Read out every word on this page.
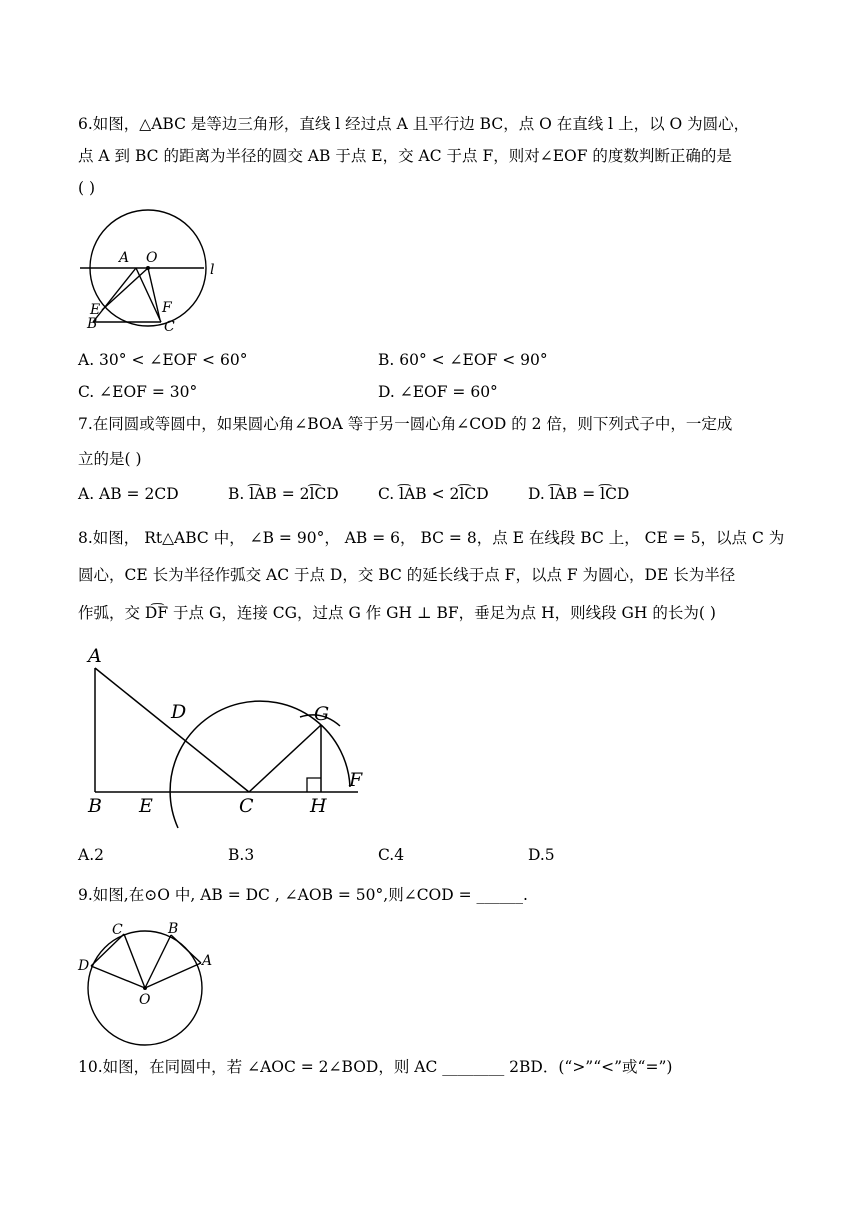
6.如图，△ABC 是等边三角形，直线 l 经过点 A 且平行边 BC，点 O 在直线 l 上，以 O 为圆心，
点 A 到 BC 的距离为半径的圆交 AB 于点 E，交 AC 于点 F，则对∠EOF 的度数判断正确的是
( )
A O
l
E	F
B	C
A. 30° < ∠EOF < 60°	B. 60° < ∠EOF < 90°
C. ∠EOF = 30°	D. ∠EOF = 60°
7.在同圆或等圆中，如果圆心角∠BOA 等于另一圆心角∠COD 的 2 倍，则下列式子中，一定成
立的是( )
A. AB = 2CD	B. l͡AB = 2l͡CD	C. l͡AB < 2l͡CD	D. l͡AB = l͡CD
8.如图， Rt△ABC 中， ∠B = 90°， AB = 6， BC = 8，点 E 在线段 BC 上， CE = 5，以点 C 为
圆心，CE 长为半径作弧交 AC 于点 D，交 BC 的延长线于点 F，以点 F 为圆心，DE 长为半径
作弧，交 D͡F 于点 G，连接 CG，过点 G 作 GH ⊥ BF，垂足为点 H，则线段 GH 的长为( )
A
D	G
B E	C	H
F
A.2	B.3	C.4	D.5
9.如图,在⊙O 中, AB = DC , ∠AOB = 50°,则∠COD = ______.
C	B
D	A
O
10.如图，在同圆中，若 ∠AOC = 2∠BOD，则 AC ________ 2BD．(“>”“<”或“=”)
